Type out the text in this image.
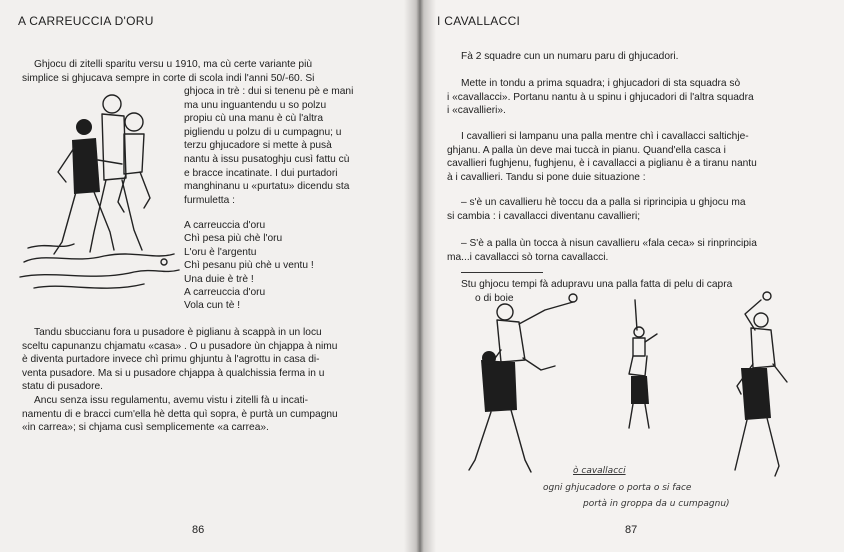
A CARREUCCIA D'ORU
Ghjocu di zitelli sparitu versu u 1910, ma cù certe variante più
simplice si ghjucava sempre in corte di scola indi l'anni 50/-60. Si
ghjoca in trè : dui si tenenu pè e mani
ma unu inguantendu u so polzu
propiu cù una manu è cù l'altra
pigliendu u polzu di u cumpagnu; u
terzu ghjucadore si mette à pusà
nantu à issu pusatoghju cusì fattu cù
e bracce incatinate. I dui purtadori
manghinanu u «purtatu» dicendu sta
furmuletta :
A carreuccia d'oru
Chì pesa più chè l'oru
L'oru è l'argentu
Chì pesanu più chè u ventu !
Una duie è trè !
A carreuccia d'oru
Vola cun tè !
Tandu sbuccianu fora u pusadore è piglianu à scappà in un locu
sceltu capunanzu chjamatu «casa» . O u pusadore ùn chjappa à nimu
è diventa purtadore invece chì primu ghjuntu à l'agrottu in casa di-
venta pusadore. Ma si u pusadore chjappa à qualchissia ferma in u
statu di pusadore.
Ancu senza issu regulamentu, avemu vistu i zitelli fà u incati-
namentu di e bracci cum'ella hè detta quì sopra, è purtà un cumpagnu
«in carrea»; si chjama cusì semplicemente «a carrea».
86
I CAVALLACCI
Fà 2 squadre cun un numaru paru di ghjucadori.
Mette in tondu a prima squadra; i ghjucadori di sta squadra sò
i «cavallacci». Portanu nantu à u spinu i ghjucadori di l'altra squadra
i «cavallieri».
I cavallieri si lampanu una palla mentre chì i cavallacci saltichje-
ghjanu. A palla ùn deve mai tuccà in pianu. Quand'ella casca i
cavallieri fughjenu, fughjenu, è i cavallacci a piglianu è a tiranu nantu
à i cavallieri. Tandu si pone duie situazione :
– s'è un cavallieru hè toccu da a palla si riprincipia u ghjocu ma
si cambia : i cavallacci diventanu cavallieri;
– S'è a palla ùn tocca à nisun cavallieru «fala ceca» si rinprincipia
ma...i cavallacci sò torna cavallacci.
Stu ghjocu tempi fà adupravu una palla fatta di pelu di capra
o di boie
ò cavallacci
ogni ghjucadore o porta o si face
portà in groppa da u cumpagnu)
87
